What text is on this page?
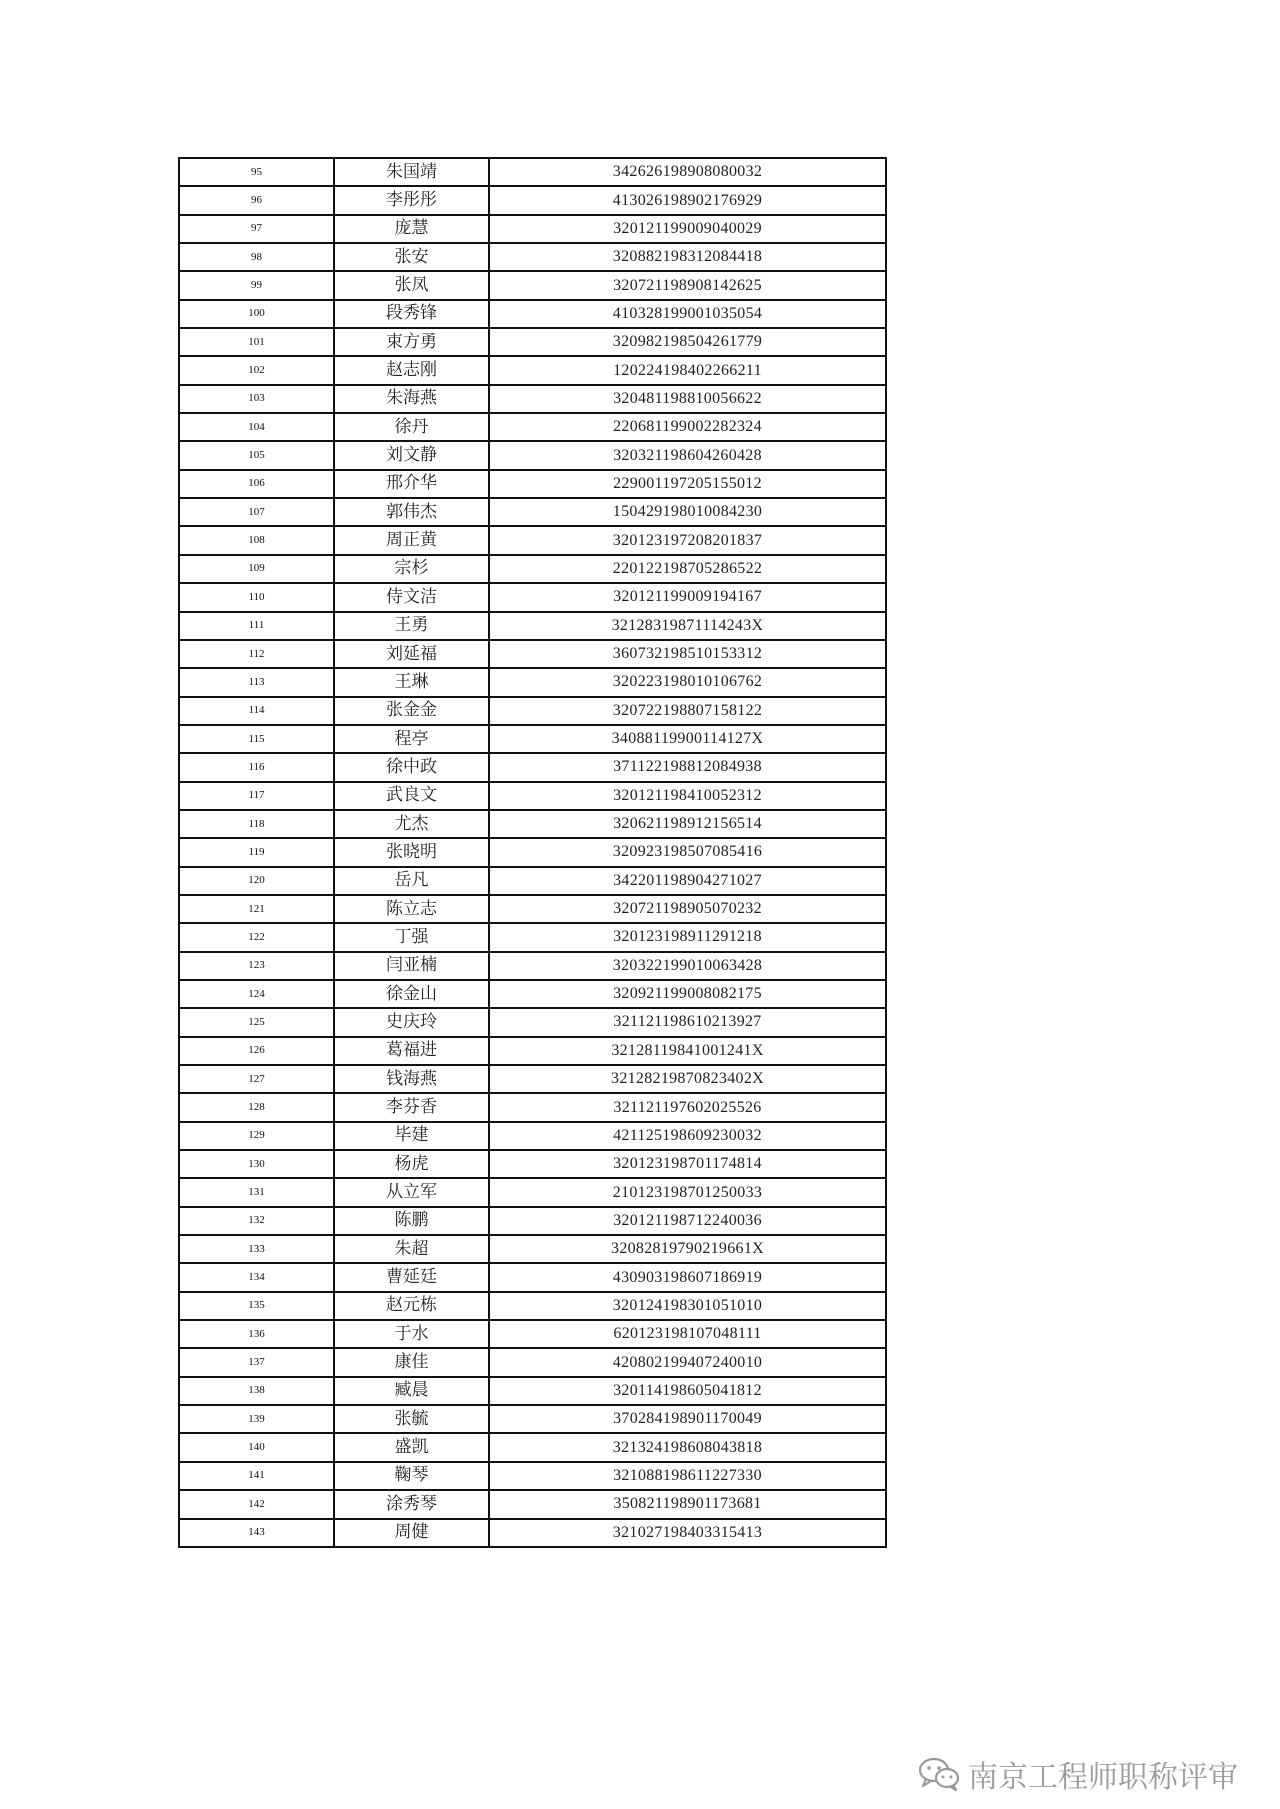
95	朱国靖	342626198908080032
96	李彤彤	413026198902176929
97	庞慧	320121199009040029
98	张安	320882198312084418
99	张凤	320721198908142625
100	段秀锋	410328199001035054
101	束方勇	320982198504261779
102	赵志刚	120224198402266211
103	朱海燕	320481198810056622
104	徐丹	220681199002282324
105	刘文静	320321198604260428
106	邢介华	229001197205155012
107	郭伟杰	150429198010084230
108	周正黄	320123197208201837
109	宗杉	220122198705286522
110	侍文洁	320121199009194167
111	王勇	32128319871114243X
112	刘延福	360732198510153312
113	王琳	320223198010106762
114	张金金	320722198807158122
115	程亭	34088119900114127X
116	徐中政	371122198812084938
117	武良文	320121198410052312
118	尤杰	320621198912156514
119	张晓明	320923198507085416
120	岳凡	342201198904271027
121	陈立志	320721198905070232
122	丁强	320123198911291218
123	闫亚楠	320322199010063428
124	徐金山	320921199008082175
125	史庆玲	321121198610213927
126	葛福进	32128119841001241X
127	钱海燕	32128219870823402X
128	李芬香	321121197602025526
129	毕建	421125198609230032
130	杨虎	320123198701174814
131	从立军	210123198701250033
132	陈鹏	320121198712240036
133	朱超	32082819790219661X
134	曹延廷	430903198607186919
135	赵元栋	320124198301051010
136	于水	620123198107048111
137	康佳	420802199407240010
138	臧晨	320114198605041812
139	张毓	370284198901170049
140	盛凯	321324198608043818
141	鞠琴	321088198611227330
142	涂秀琴	350821198901173681
143	周健	321027198403315413
南京工程师职称评审
